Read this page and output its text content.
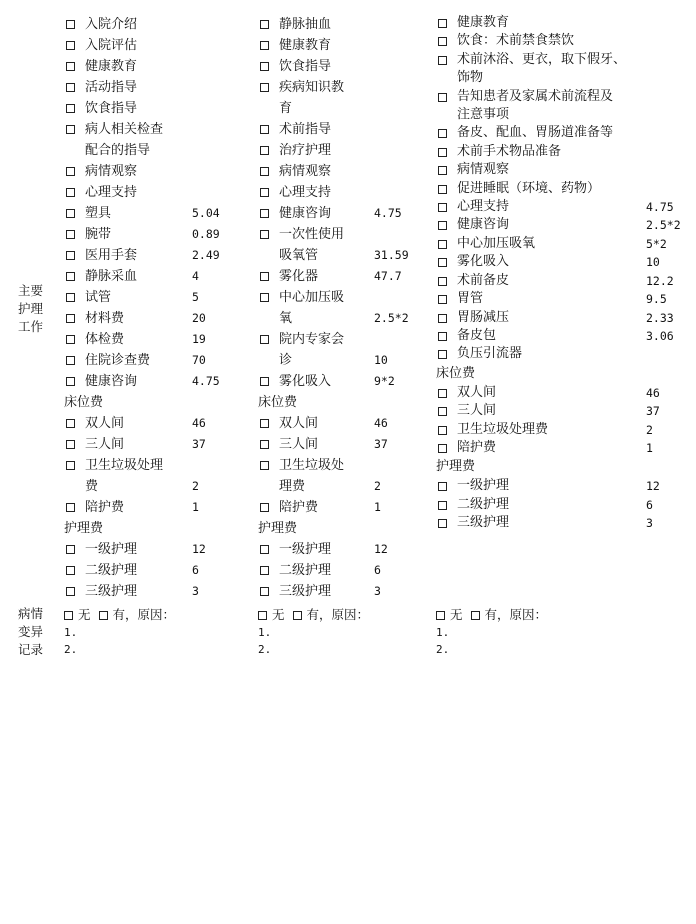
主要
护理
工作
病情
变异
记录
入院介绍
入院评估
健康教育
活动指导
饮食指导
病人相关检查
配合的指导
病情观察
心理支持
塑具	5.04
腕带	0.89
医用手套	2.49
静脉采血	4
试管	5
材料费	20
体检费	19
住院诊查费	70
健康咨询	4.75
床位费
双人间	46
三人间	37
卫生垃圾处理
费	2
陪护费	1
护理费
一级护理	12
二级护理	6
三级护理	3
静脉抽血
健康教育
饮食指导
疾病知识教
育
术前指导
治疗护理
病情观察
心理支持
健康咨询	4.75
一次性使用
吸氧管	31.59
雾化器	47.7
中心加压吸
氧	2.5*2
院内专家会
诊	10
雾化吸入	9*2
床位费
双人间	46
三人间	37
卫生垃圾处
理费	2
陪护费	1
护理费
一级护理	12
二级护理	6
三级护理	3
健康教育
饮食：术前禁食禁饮
术前沐浴、更衣，取下假牙、
饰物
告知患者及家属术前流程及
注意事项
备皮、配血、胃肠道准备等
术前手术物品准备
病情观察
促进睡眠（环境、药物）
心理支持	4.75
健康咨询	2.5*2
中心加压吸氧	5*2
雾化吸入	10
术前备皮	12.2
胃管	9.5
胃肠减压	2.33
备皮包	3.06
负压引流器
床位费
双人间	46
三人间	37
卫生垃圾处理费	2
陪护费	1
护理费
一级护理	12
二级护理	6
三级护理	3
无 有，原因：
1.
2.
无 有，原因：
1.
2.
无 有，原因：
1.
2.
